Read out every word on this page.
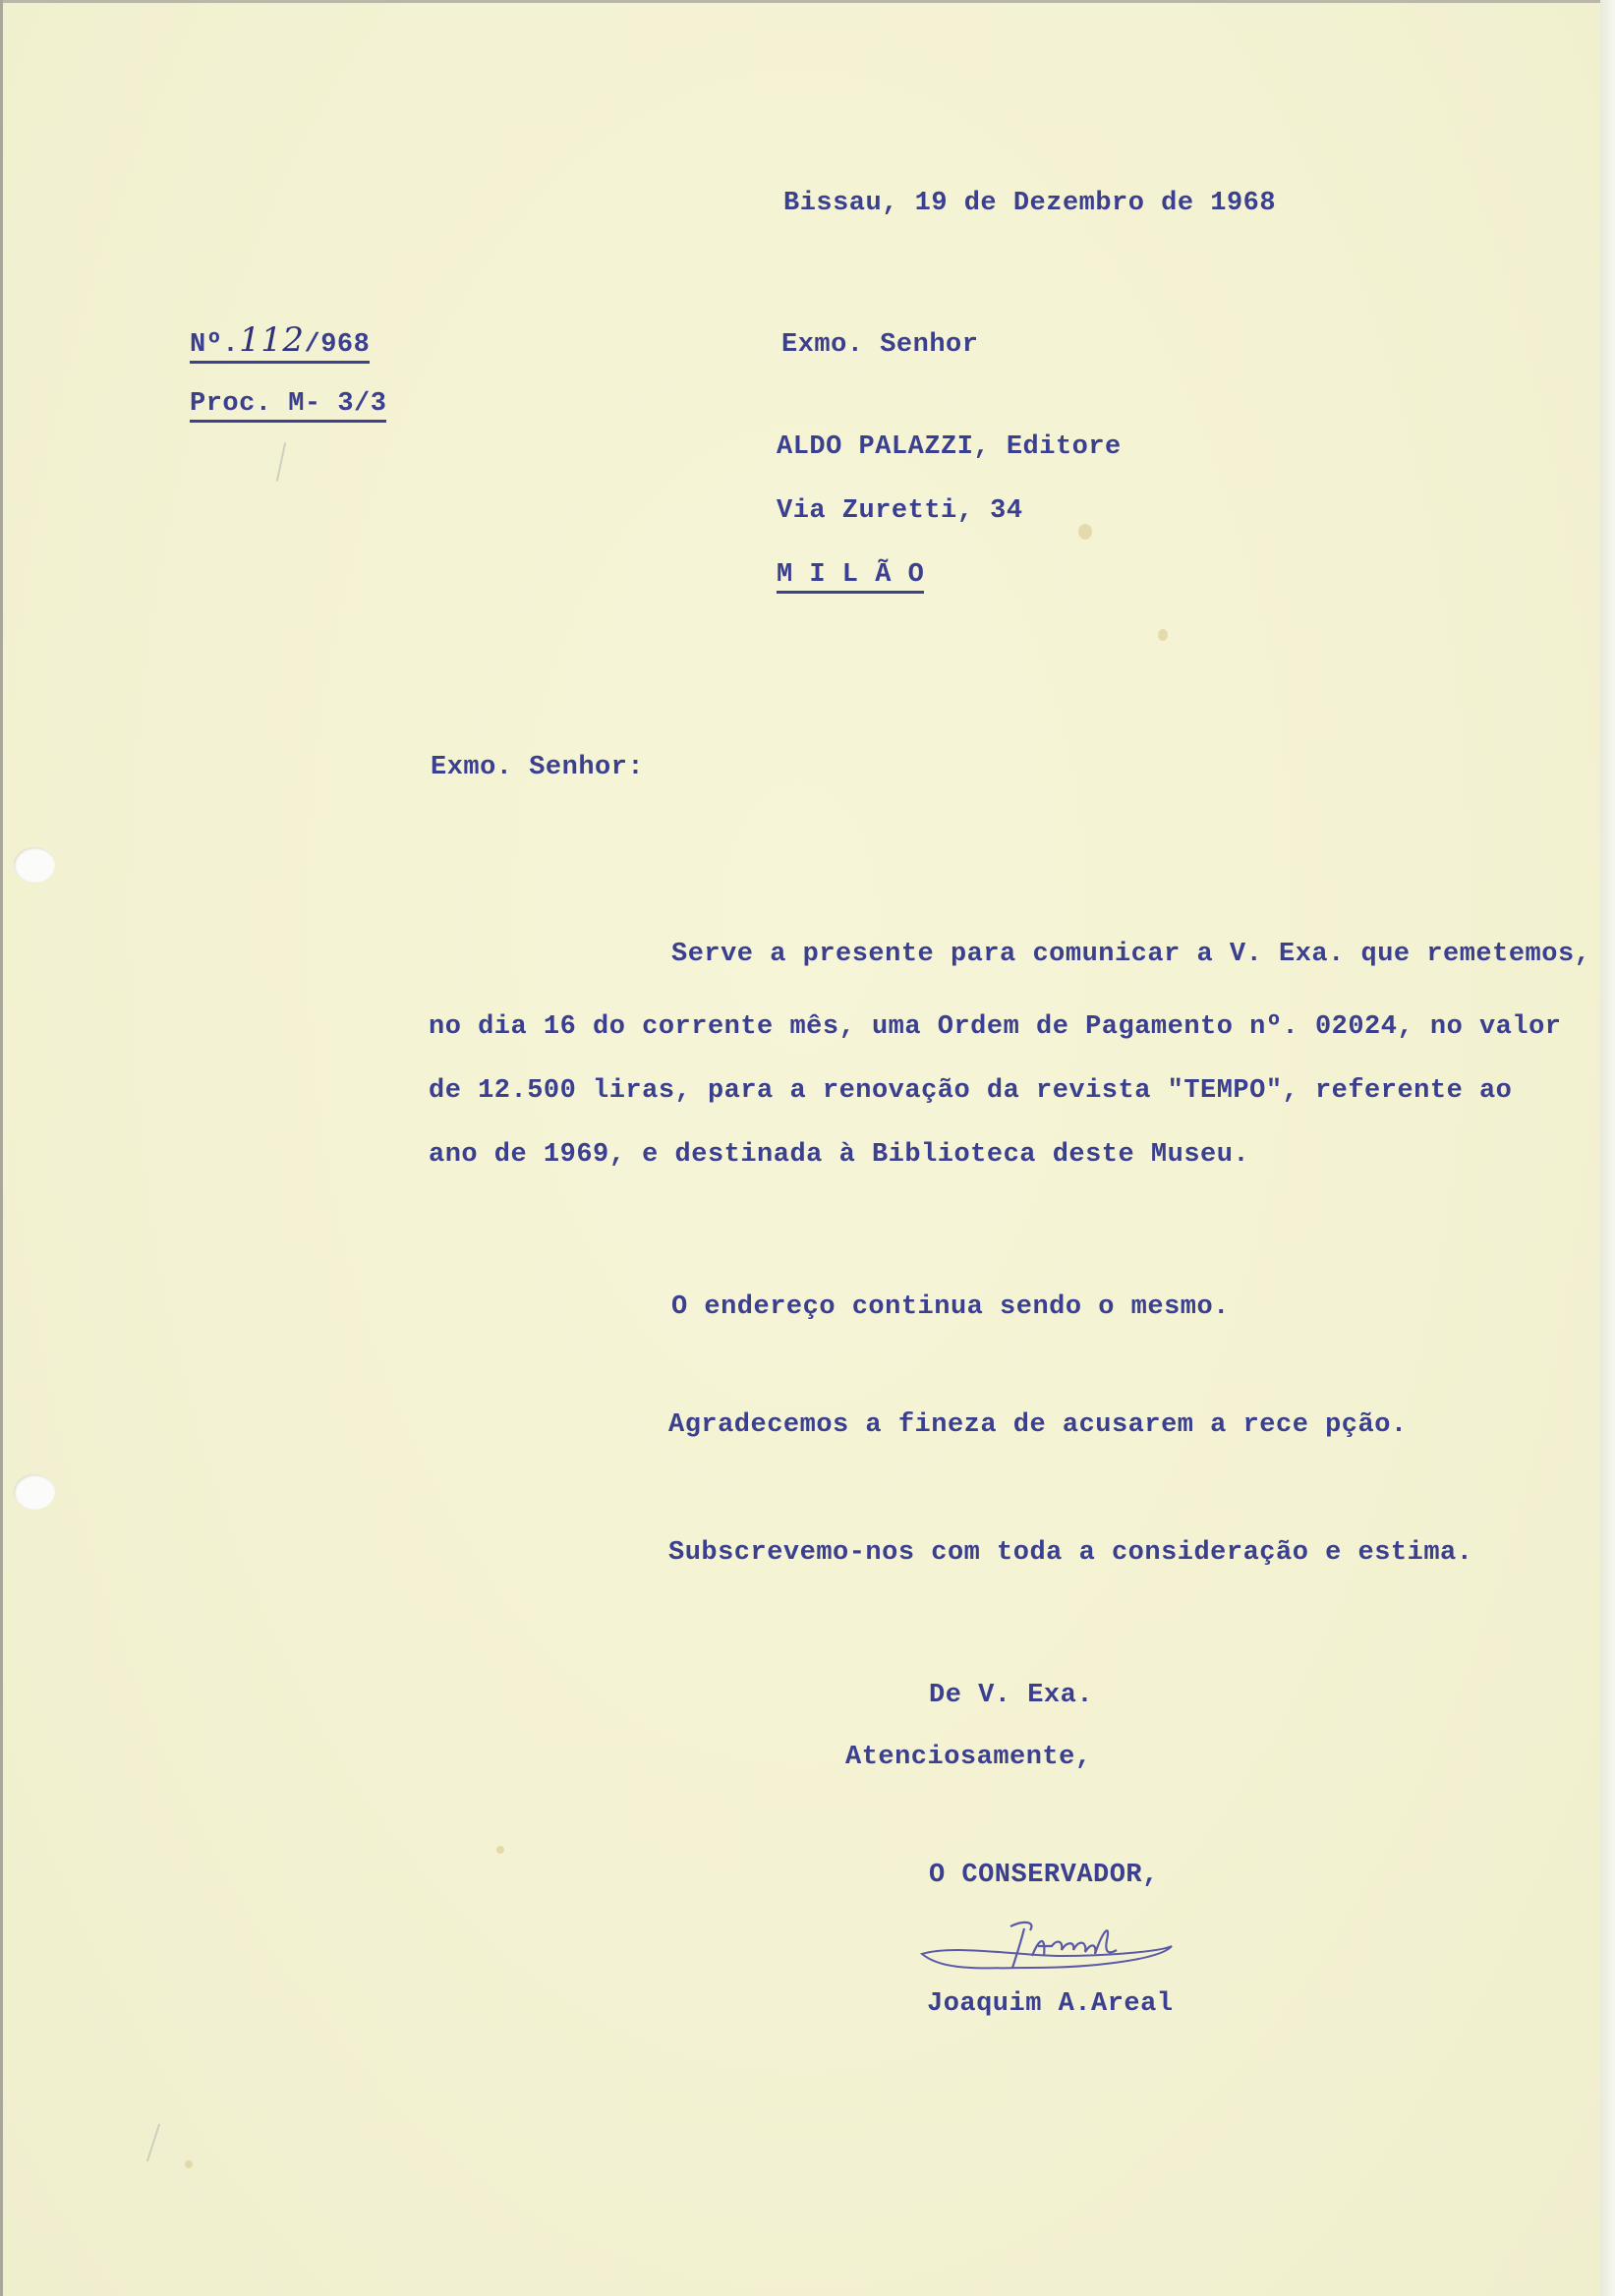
Bissau, 19 de Dezembro de 1968
Nº.112/968
Proc. M- 3/3
Exmo. Senhor
ALDO PALAZZI, Editore
Via Zuretti, 34
M I L Ã O
Exmo. Senhor:
Serve a presente para comunicar a V. Exa. que remetemos,
no dia 16 do corrente mês, uma Ordem de Pagamento nº. 02024, no valor
de 12.500 liras, para a renovação da revista "TEMPO", referente ao
ano de 1969, e destinada à Biblioteca deste Museu.
O endereço continua sendo o mesmo.
Agradecemos a fineza de acusarem a rece pção.
Subscrevemo-nos com toda a consideração e estima.
De V. Exa.
Atenciosamente,
O CONSERVADOR,
Joaquim A.Areal
